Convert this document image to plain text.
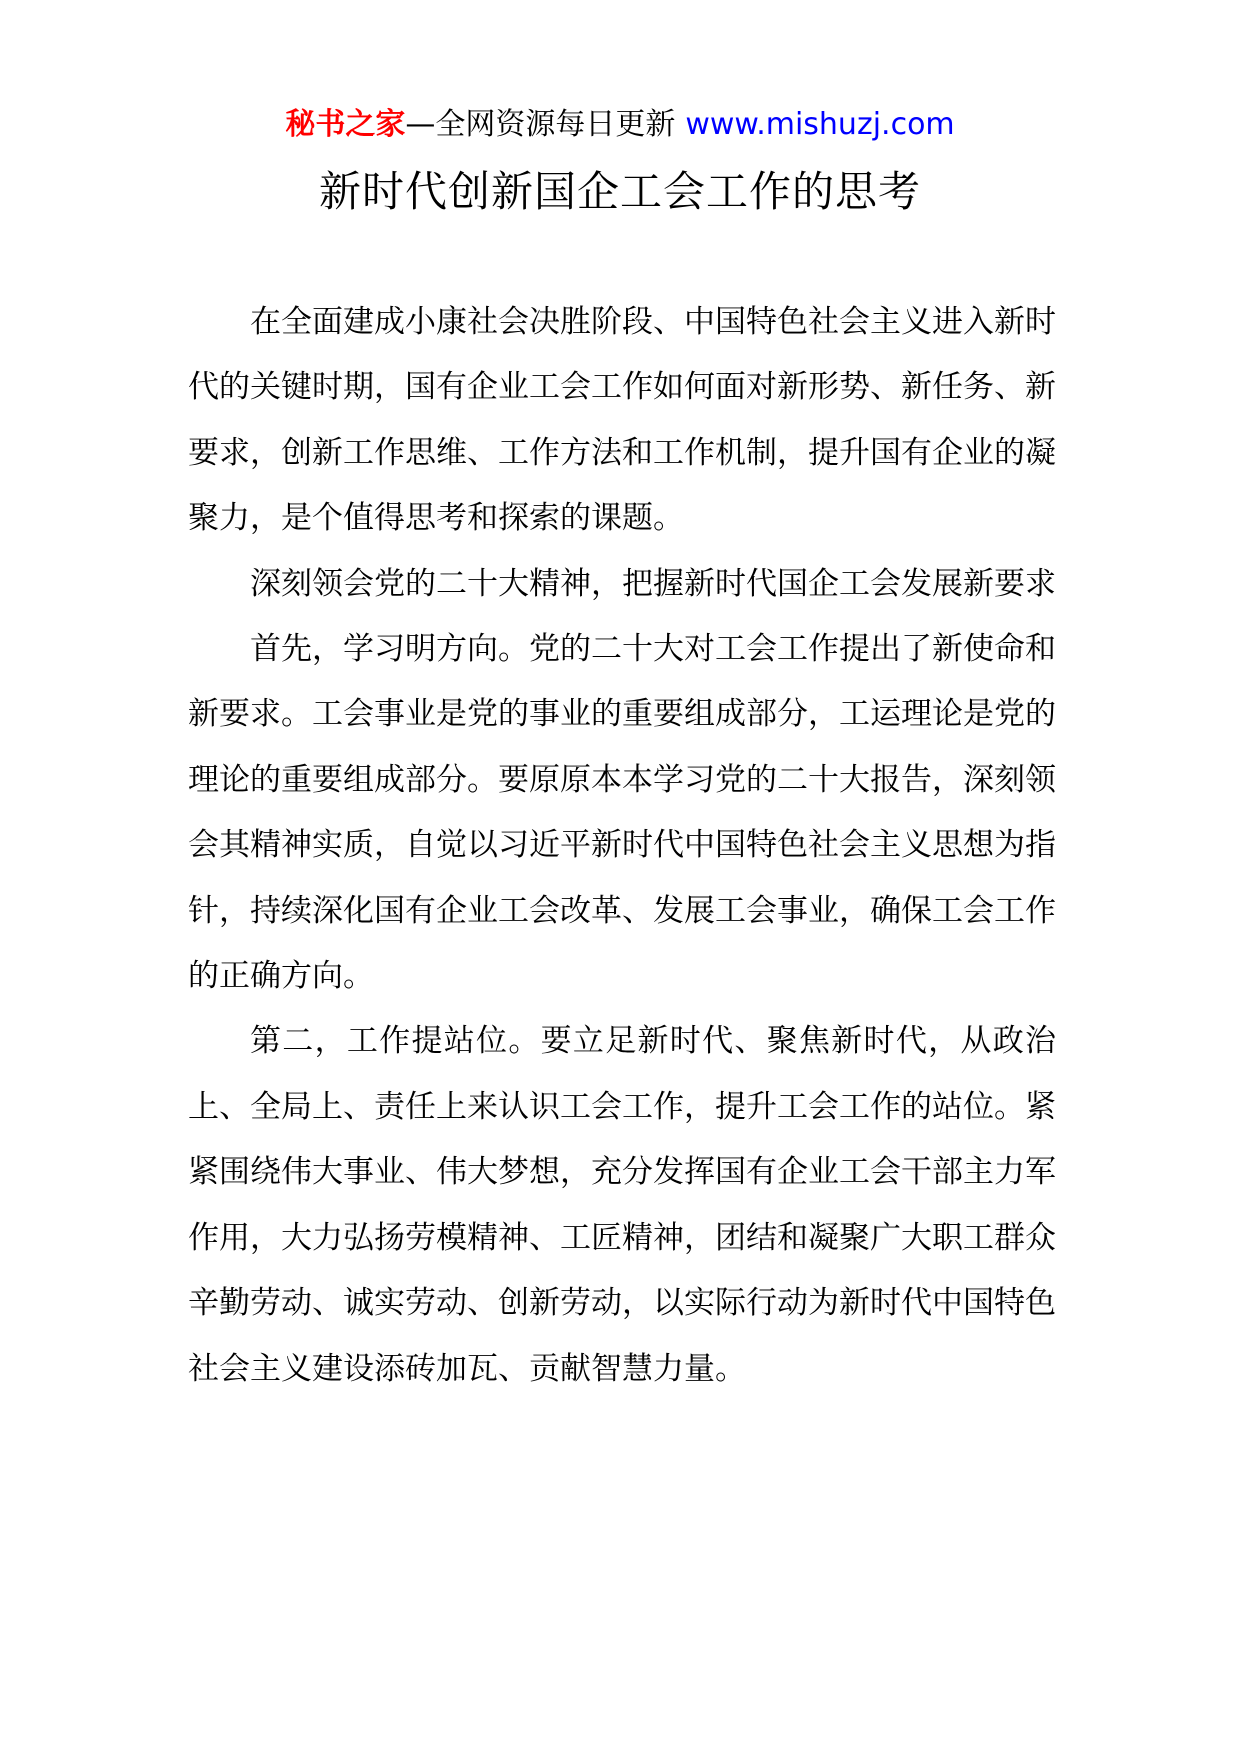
秘书之家—全网资源每日更新 www.mishuzj.com
新时代创新国企工会工作的思考

在全面建成小康社会决胜阶段、中国特色社会主义进入新时代的关键时期，国有企业工会工作如何面对新形势、新任务、新要求，创新工作思维、工作方法和工作机制，提升国有企业的凝聚力，是个值得思考和探索的课题。

深刻领会党的二十大精神，把握新时代国企工会发展新要求

首先，学习明方向。党的二十大对工会工作提出了新使命和新要求。工会事业是党的事业的重要组成部分，工运理论是党的理论的重要组成部分。要原原本本学习党的二十大报告，深刻领会其精神实质，自觉以习近平新时代中国特色社会主义思想为指针，持续深化国有企业工会改革、发展工会事业，确保工会工作的正确方向。

第二，工作提站位。要立足新时代、聚焦新时代，从政治上、全局上、责任上来认识工会工作，提升工会工作的站位。紧紧围绕伟大事业、伟大梦想，充分发挥国有企业工会干部主力军作用，大力弘扬劳模精神、工匠精神，团结和凝聚广大职工群众辛勤劳动、诚实劳动、创新劳动，以实际行动为新时代中国特色社会主义建设添砖加瓦、贡献智慧力量。
